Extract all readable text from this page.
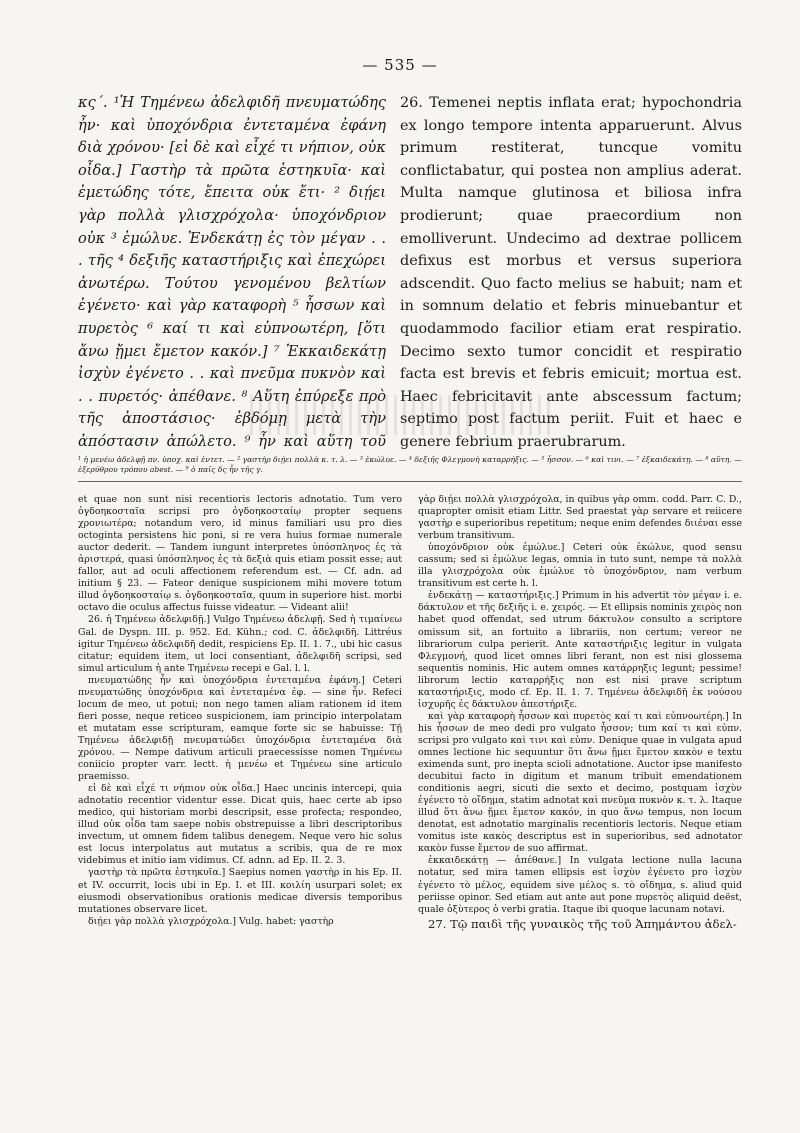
— 535 —

κς΄. ¹Ἡ Τημένεω ἀδελφιδῆ πνευματώδης ἦν· καὶ ὑποχόνδρια ἐντεταμένα ἐφάνη διὰ χρόνου· [εἰ δὲ καὶ εἶχέ τι νήπιον, οὐκ οἶδα.] Γαστὴρ τὰ πρῶτα ἑστηκυῖα· καὶ ἐμετώδης τότε, ἔπειτα οὐκ ἔτι· ² διῄει γὰρ πολλὰ γλισχρόχολα· ὑποχόνδριον οὐκ ³ ἐμώλυε. Ἐνδεκάτῃ ἐς τὸν μέγαν . . . τῆς ⁴ δεξιῆς καταστήριξις καὶ ἐπεχώρει ἀνωτέρω. Τούτου γενομένου βελτίων ἐγένετο· καὶ γὰρ καταφορὴ ⁵ ἧσσων καὶ πυρετὸς ⁶ καί τι καὶ εὐπνοωτέρη, [ὅτι ἄνω ᾔμει ἔμετον κακόν.] ⁷ Ἑκκαιδεκάτῃ ἰσχὺν ἐγένετο . . καὶ πνεῦμα πυκνὸν καὶ . . πυρετός· ἀπέθανε. ⁸ Αὕτη ἐπύρεξε πρὸ τῆς ἀποστάσιος· ἑβδόμῃ μετὰ τὴν ἀπόστασιν ἀπώλετο. ⁹ ἦν καὶ αὕτη τοῦ

26. Temenei neptis inflata erat; hypochondria ex longo tempore intenta apparuerunt. Alvus primum restiterat, tuncque vomitu conflictabatur, qui postea non amplius aderat. Multa namque glutinosa et biliosa infra prodierunt; quae praecordium non emolliverunt. Undecimo ad dextrae pollicem defixus est morbus et versus superiora adscendit. Quo facto melius se habuit; nam et in somnum delatio et febris minuebantur et quodammodo facilior etiam erat respiratio. Decimo sexto tumor concidit et respiratio facta est brevis et febris emicuit; mortua est. Haec febricitavit ante abscessum factum; septimo post factum periit. Fuit et haec e genere febrium praerubrarum.

¹ ἡ μενέω ἀδελφῇ πν. ὑποχ. καὶ ἐντετ. — ² γαστὴρ διῄει πολλὰ κ. τ. λ. — ³ ἐκώλυε. — ⁴ δεξιῆς Φλεγμονὴ καταρρήξις. — ⁵ ἧσσον. — ⁶ καὶ τινι. — ⁷ ἑξκαιδεκάτῃ. — ⁸ αὕτη. — ἐξερύθρου τρόπου abest. — ⁹ ὁ παῖς δς ἦν τῆς γ.

et quae non sunt nisi recentioris lectoris adnotatio. Tum vero ὀγδοηκοσταῖα scripsi pro ὀγδοηκοσταίῳ propter sequens χρονιωτέρα; notandum vero, id minus familiari usu pro dies octoginta persistens hic poni, si re vera huius formae numerale auctor dederit. — Tandem iungunt interpretes ὑπόσπληνος ἐς τὰ ἀριστερά, quasi ὑπόσπληνος ἐς τὰ δεξιὰ quis etiam possit esse; aut fallor, aut ad oculi affectionem referendum est. — Cf. adn. ad initium § 23. — Fateor denique suspicionem mihi movere totum illud ὀγδοηκοσταίῳ s. ὀγδοηκοσταῖα, quum in superiore hist. morbi octavo die oculus affectus fuisse videatur. — Videant alii!

26. ἡ Τημένεω ἀδελφιδῇ.] Vulgo Τημένεω ἀδελφῇ. Sed ἡ τιμαίνεω Gal. de Dyspn. III. p. 952. Ed. Kühn.; cod. C. ἀδελφιδῆ. Littréus igitur Τημένεω ἀδελφιδῆ dedit, respiciens Ep. II. 1. 7., ubi hic casus citatur; equidem item, ut loci consentiant, ἀδελφιδῆ scripsi, sed simul articulum ἡ ante Τημένεω recepi e Gal. l. l.

πνευματώδης ἦν καὶ ὑποχόνδρια ἐντεταμένα ἐφάνη.] Ceteri πνευματώδης ὑποχόνδρια καὶ ἐντεταμένα ἐφ. — sine ἦν. Refeci locum de meo, ut potui; non nego tamen aliam rationem id item fieri posse, neque reticeo suspicionem, iam principio interpolatam et mutatam esse scripturam, eamque forte sic se habuisse: Τῇ Τημένεω ἀδελφιδῇ πνευματώδει ὑποχόνδρια ἐντεταμένα διὰ χρόνου. — Nempe dativum articuli praecessisse nomen Τημένεω coniicio propter varr. lectt. ἡ μενέω et Τημένεω sine articulo praemisso.

εἰ δὲ καὶ εἶχέ τι νήπιον οὐκ οἶδα.] Haec uncinis intercepi, quia adnotatio recentior videntur esse. Dicat quis, haec certe ab ipso medico, qui historiam morbi descripsit, esse profecta; respondeo, illud οὐκ οἶδα tam saepe nobis obstrepuisse a libri descriptoribus invectum, ut omnem fidem talibus denegem. Neque vero hic solus est locus interpolatus aut mutatus a scribis, qua de re mox videbimus et initio iam vidimus. Cf. adnn. ad Ep. II. 2. 3.

γαστὴρ τὰ πρῶτα ἑστηκυῖα.] Saepius nomen γαστὴρ in his Ep. II. et IV. occurrit, locis ubi in Ep. I. et III. κοιλίη usurpari solet; ex eiusmodi observationibus orationis medicae diversis temporibus mutationes observare licet.

διῄει γὰρ πολλὰ γλισχρόχολα.] Vulg. habet: γαστὴρ

γὰρ διῄει πολλὰ γλισχρόχολα, in quibus γὰρ omm. codd. Parr. C. D., quapropter omisit etiam Littr. Sed praestat γὰρ servare et reiicere γαστὴρ e superioribus repetitum; neque enim defendes διιέναι esse verbum transitivum.

ὑποχόνδριον οὐκ ἐμώλυε.] Ceteri οὐκ ἐκώλυε, quod sensu cassum; sed si ἐμώλυε legas, omnia in tuto sunt, nempe τὰ πολλὰ illa γλισχρόχολα οὐκ ἐμώλυε τὸ ὑποχόνδριον, nam verbum transitivum est certe h. l.

ἐνδεκάτῃ — καταστήριξις.] Primum in his advertit τὸν μέγαν i. e. δάκτυλον et τῆς δεξιῆς i. e. χειρός. — Et ellipsis nominis χειρὸς non habet quod offendat, sed utrum δάκτυλον consulto a scriptore omissum sit, an fortuito a librariis, non certum; vereor ne librariorum culpa perierit. Ante καταστήριξις legitur in vulgata Φλεγμονή, quod licet omnes libri ferant, non est nisi glossema sequentis nominis. Hic autem omnes κατάρρηξις legunt; pessime! librorum lectio καταρρήξις non est nisi prave scriptum καταστήριξις, modo cf. Ep. II. 1. 7. Τημένεω ἀδελφιδῆ ἐκ νούσου ἰσχυρῆς ἐς δάκτυλον ἀπεστήριξε.

καὶ γὰρ καταφορὴ ἧσσων καὶ πυρετὸς καί τι καὶ εὐπνοωτέρη.] In his ἧσσων de meo dedi pro vulgato ἧσσον; tum καί τι καὶ εὐπν. scripsi pro vulgato καὶ τινι καὶ εὐπν. Denique quae in vulgata apud omnes lectione hic sequuntur ὅτι ἄνω ᾔμει ἔμετον κακὸν e textu eximenda sunt, pro inepta scioli adnotatione. Auctor ipse manifesto decubitui facto in digitum et manum tribuit emendationem conditionis aegri, sicuti die sexto et decimo, postquam ἰσχὺν ἐγένετο τὸ οἴδημα, statim adnotat καὶ πνεῦμα πυκνὸν κ. τ. λ. Itaque illud ὅτι ἄνω ᾔμει ἔμετον κακόν, in quo ἄνω tempus, non locum denotat, est adnotatio marginalis recentioris lectoris. Neque etiam vomitus iste κακὸς descriptus est in superioribus, sed adnotator κακὸν fusse ἔμετον de suo affirmat.

ἑκκαιδεκάτῃ — ἀπέθανε.] In vulgata lectione nulla lacuna notatur, sed mira tamen ellipsis est ἰσχὺν ἐγένετο pro ἰσχὺν ἐγένετο τὸ μέλος, equidem sive μέλος s. τὸ οἴδημα, s. aliud quid periisse opinor. Sed etiam aut ante aut pone πυρετὸς aliquid deëst, quale ὀξὺτερος ὁ verbi gratia. Itaque ibi quoque lacunam notavi.

27. Τῷ παιδὶ τῆς γυναικὸς τῆς τοῦ Ἀπημάντου ἀδελ-
